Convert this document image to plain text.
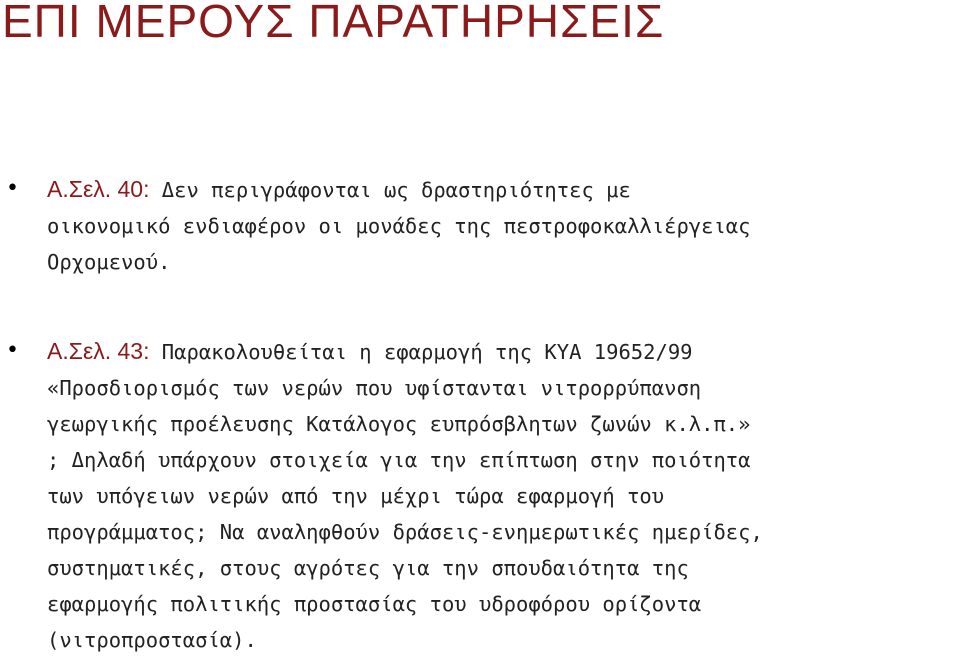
ΕΠΙ ΜΕΡΟΥΣ ΠΑΡΑΤΗΡΗΣΕΙΣ
• Α.Σελ. 40: Δεν περιγράφονται ως δραστηριότητες με
οικονομικό ενδιαφέρον οι μονάδες της πεστροφοκαλλιέργειας
Ορχομενού.
• Α.Σελ. 43: Παρακολουθείται η εφαρμογή της ΚΥΑ 19652/99
«Προσδιορισμός των νερών που υφίστανται νιτρορρύπανση
γεωργικής προέλευσης Κατάλογος ευπρόσβλητων ζωνών κ.λ.π.»
; Δηλαδή υπάρχουν στοιχεία για την επίπτωση στην ποιότητα
των υπόγειων νερών από την μέχρι τώρα εφαρμογή του
προγράμματος; Να αναληφθούν δράσεις-ενημερωτικές ημερίδες,
συστηματικές, στους αγρότες για την σπουδαιότητα της
εφαρμογής πολιτικής προστασίας του υδροφόρου ορίζοντα
(νιτροπροστασία).
